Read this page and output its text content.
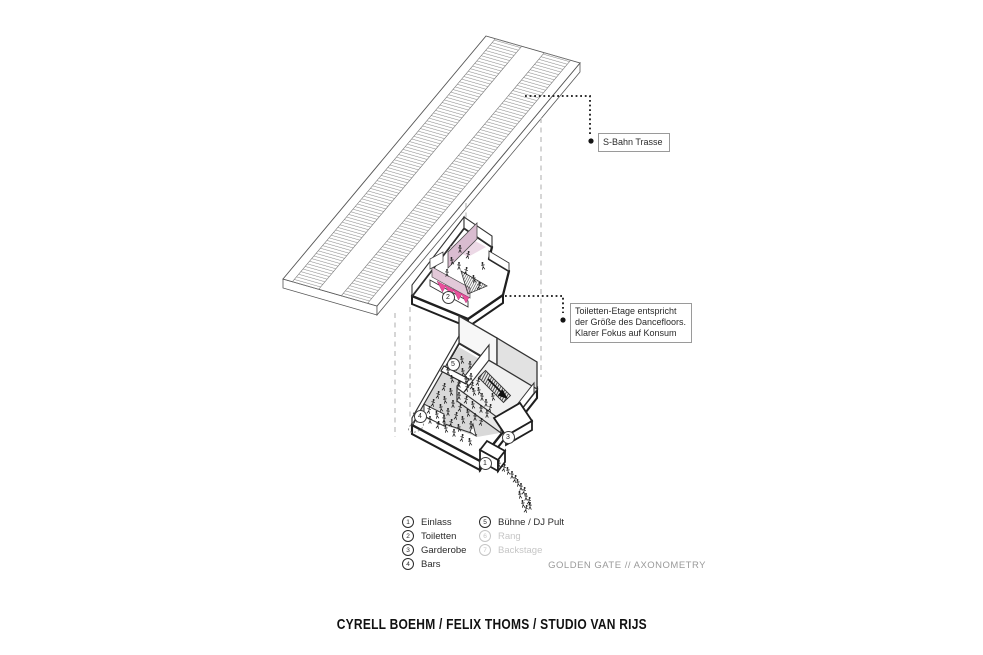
S-Bahn Trasse
Toiletten-Etage entspricht
der Größe des Dancefloors.
Klarer Fokus auf Konsum
1
2
3
4
5
1	Einlass
2	Toiletten
3	Garderobe
4	Bars
5	Bühne / DJ Pult
6	Rang
7	Backstage
GOLDEN GATE // AXONOMETRY
CYRELL BOEHM / FELIX THOMS / STUDIO VAN RIJS
